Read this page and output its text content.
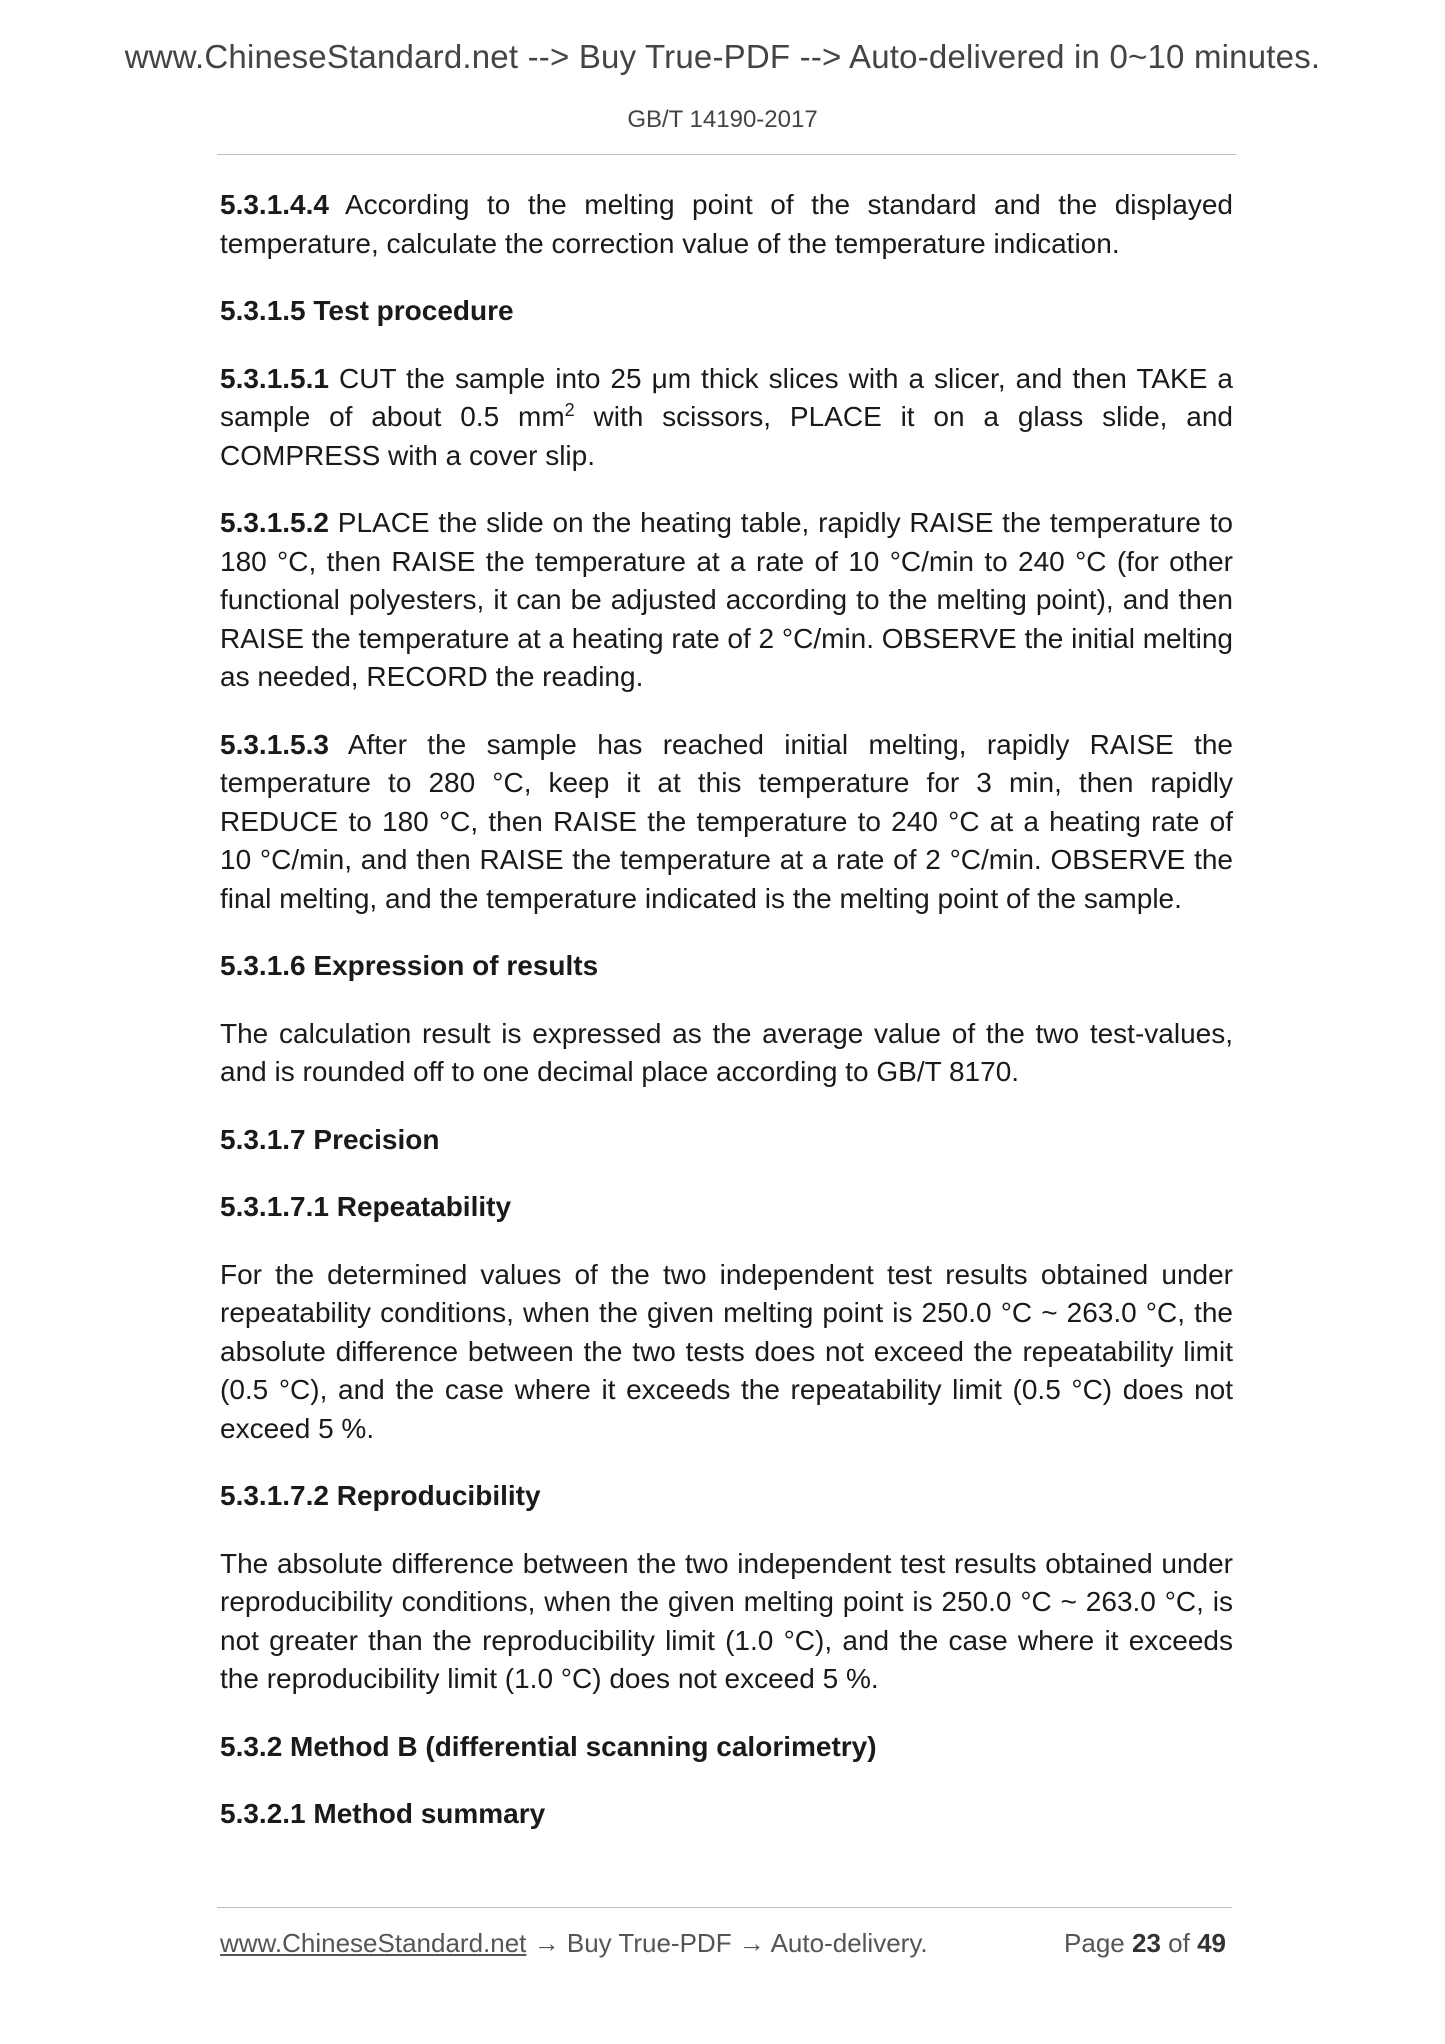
www.ChineseStandard.net --> Buy True-PDF --> Auto-delivered in 0~10 minutes.
GB/T 14190-2017

5.3.1.4.4 According to the melting point of the standard and the displayed temperature, calculate the correction value of the temperature indication.

5.3.1.5 Test procedure

5.3.1.5.1 CUT the sample into 25 μm thick slices with a slicer, and then TAKE a sample of about 0.5 $mm^2$ with scissors, PLACE it on a glass slide, and COMPRESS with a cover slip.

5.3.1.5.2 PLACE the slide on the heating table, rapidly RAISE the temperature to 180 °C, then RAISE the temperature at a rate of 10 °C/min to 240 °C (for other functional polyesters, it can be adjusted according to the melting point), and then RAISE the temperature at a heating rate of 2 °C/min. OBSERVE the initial melting as needed, RECORD the reading.

5.3.1.5.3 After the sample has reached initial melting, rapidly RAISE the temperature to 280 °C, keep it at this temperature for 3 min, then rapidly REDUCE to 180 °C, then RAISE the temperature to 240 °C at a heating rate of 10 °C/min, and then RAISE the temperature at a rate of 2 °C/min. OBSERVE the final melting, and the temperature indicated is the melting point of the sample.

5.3.1.6 Expression of results

The calculation result is expressed as the average value of the two test-values, and is rounded off to one decimal place according to GB/T 8170.

5.3.1.7 Precision
5.3.1.7.1 Repeatability

For the determined values of the two independent test results obtained under repeatability conditions, when the given melting point is 250.0 °C ~ 263.0 °C, the absolute difference between the two tests does not exceed the repeatability limit (0.5 °C), and the case where it exceeds the repeatability limit (0.5 °C) does not exceed 5 %.

5.3.1.7.2 Reproducibility

The absolute difference between the two independent test results obtained under reproducibility conditions, when the given melting point is 250.0 °C ~ 263.0 °C, is not greater than the reproducibility limit (1.0 °C), and the case where it exceeds the reproducibility limit (1.0 °C) does not exceed 5 %.

5.3.2 Method B (differential scanning calorimetry)
5.3.2.1 Method summary
www.ChineseStandard.net → Buy True-PDF → Auto-delivery.	Page 23 of 49
